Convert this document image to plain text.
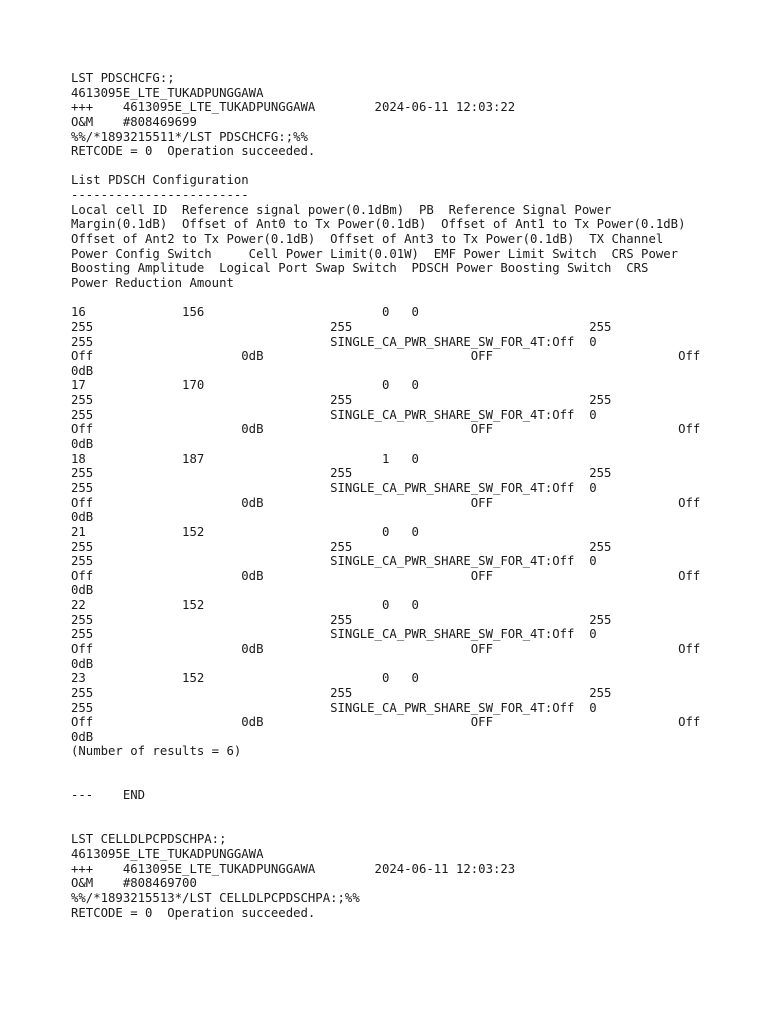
LST PDSCHCFG:;
4613095E_LTE_TUKADPUNGGAWA
+++    4613095E_LTE_TUKADPUNGGAWA        2024-06-11 12:03:22
O&M    #808469699
%%/*1893215511*/LST PDSCHCFG:;%%
RETCODE = 0  Operation succeeded.
List PDSCH Configuration
------------------------
Local cell ID  Reference signal power(0.1dBm)  PB  Reference Signal Power
Margin(0.1dB)  Offset of Ant0 to Tx Power(0.1dB)  Offset of Ant1 to Tx Power(0.1dB)
Offset of Ant2 to Tx Power(0.1dB)  Offset of Ant3 to Tx Power(0.1dB)  TX Channel
Power Config Switch     Cell Power Limit(0.01W)  EMF Power Limit Switch  CRS Power
Boosting Amplitude  Logical Port Swap Switch  PDSCH Power Boosting Switch  CRS
Power Reduction Amount
16             156                        0   0
255                                255                                255
255                                SINGLE_CA_PWR_SHARE_SW_FOR_4T:Off  0
Off                    0dB                            OFF                         Off
0dB
17             170                        0   0
255                                255                                255
255                                SINGLE_CA_PWR_SHARE_SW_FOR_4T:Off  0
Off                    0dB                            OFF                         Off
0dB
18             187                        1   0
255                                255                                255
255                                SINGLE_CA_PWR_SHARE_SW_FOR_4T:Off  0
Off                    0dB                            OFF                         Off
0dB
21             152                        0   0
255                                255                                255
255                                SINGLE_CA_PWR_SHARE_SW_FOR_4T:Off  0
Off                    0dB                            OFF                         Off
0dB
22             152                        0   0
255                                255                                255
255                                SINGLE_CA_PWR_SHARE_SW_FOR_4T:Off  0
Off                    0dB                            OFF                         Off
0dB
23             152                        0   0
255                                255                                255
255                                SINGLE_CA_PWR_SHARE_SW_FOR_4T:Off  0
Off                    0dB                            OFF                         Off
0dB
(Number of results = 6)
---    END
LST CELLDLPCPDSCHPA:;
4613095E_LTE_TUKADPUNGGAWA
+++    4613095E_LTE_TUKADPUNGGAWA        2024-06-11 12:03:23
O&M    #808469700
%%/*1893215513*/LST CELLDLPCPDSCHPA:;%%
RETCODE = 0  Operation succeeded.
